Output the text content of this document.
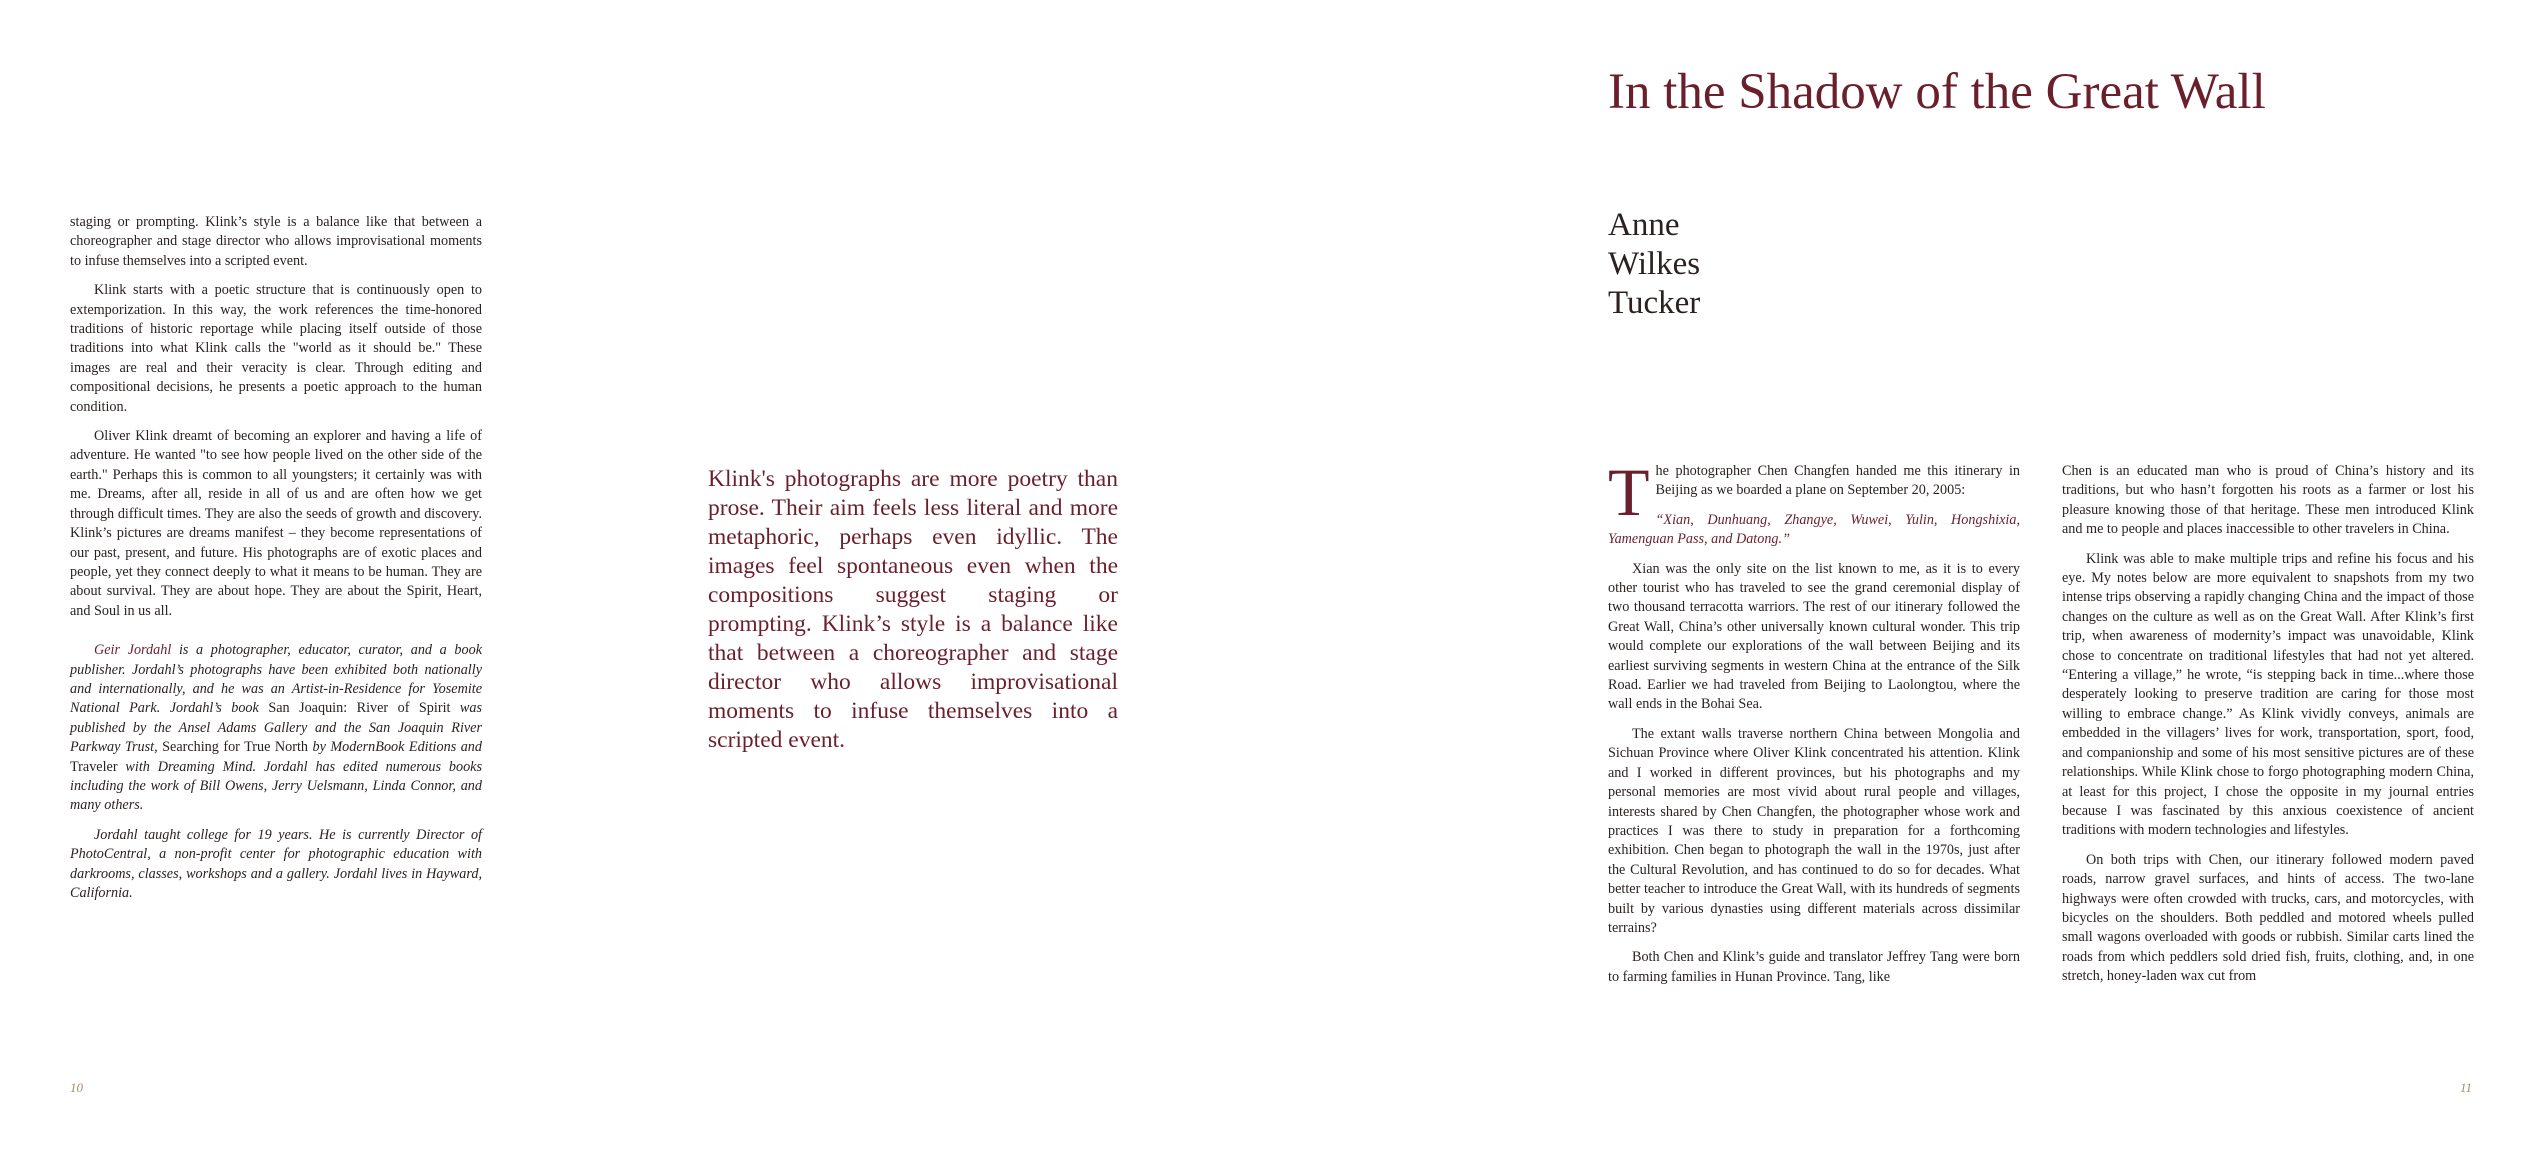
staging or prompting. Klink’s style is a balance like that between a choreographer and stage director who allows improvisational moments to infuse themselves into a scripted event.

Klink starts with a poetic structure that is continuously open to extemporization. In this way, the work references the time-honored traditions of historic reportage while placing itself outside of those traditions into what Klink calls the "world as it should be." These images are real and their veracity is clear. Through editing and compositional decisions, he presents a poetic approach to the human condition.

Oliver Klink dreamt of becoming an explorer and having a life of adventure. He wanted "to see how people lived on the other side of the earth." Perhaps this is common to all youngsters; it certainly was with me. Dreams, after all, reside in all of us and are often how we get through difficult times. They are also the seeds of growth and discovery. Klink’s pictures are dreams manifest – they become representations of our past, present, and future. His photographs are of exotic places and people, yet they connect deeply to what it means to be human. They are about survival. They are about hope. They are about the Spirit, Heart, and Soul in us all.

Geir Jordahl is a photographer, educator, curator, and a book publisher. Jordahl’s photographs have been exhibited both nationally and internationally, and he was an Artist-in-Residence for Yosemite National Park. Jordahl’s book San Joaquin: River of Spirit was published by the Ansel Adams Gallery and the San Joaquin River Parkway Trust, Searching for True North by ModernBook Editions and Traveler with Dreaming Mind. Jordahl has edited numerous books including the work of Bill Owens, Jerry Uelsmann, Linda Connor, and many others.

Jordahl taught college for 19 years. He is currently Director of PhotoCentral, a non-profit center for photographic education with darkrooms, classes, workshops and a gallery. Jordahl lives in Hayward, California.

Klink's photographs are more poetry than prose. Their aim feels less literal and more metaphoric, perhaps even idyllic. The images feel spontaneous even when the compositions suggest staging or prompting. Klink’s style is a balance like that between a choreographer and stage director who allows improvisational moments to infuse themselves into a scripted event.
10
In the Shadow of the Great Wall
Anne
Wilkes
Tucker

The photographer Chen Changfen handed me this itinerary in Beijing as we boarded a plane on September 20, 2005:

“Xian, Dunhuang, Zhangye, Wuwei, Yulin, Hongshixia, Yamenguan Pass, and Datong.”

Xian was the only site on the list known to me, as it is to every other tourist who has traveled to see the grand ceremonial display of two thousand terracotta warriors. The rest of our itinerary followed the Great Wall, China’s other universally known cultural wonder. This trip would complete our explorations of the wall between Beijing and its earliest surviving segments in western China at the entrance of the Silk Road. Earlier we had traveled from Beijing to Laolongtou, where the wall ends in the Bohai Sea.

The extant walls traverse northern China between Mongolia and Sichuan Province where Oliver Klink concentrated his attention. Klink and I worked in different provinces, but his photographs and my personal memories are most vivid about rural people and villages, interests shared by Chen Changfen, the photographer whose work and practices I was there to study in preparation for a forthcoming exhibition. Chen began to photograph the wall in the 1970s, just after the Cultural Revolution, and has continued to do so for decades. What better teacher to introduce the Great Wall, with its hundreds of segments built by various dynasties using different materials across dissimilar terrains?

Both Chen and Klink’s guide and translator Jeffrey Tang were born to farming families in Hunan Province. Tang, like

Chen is an educated man who is proud of China’s history and its traditions, but who hasn’t forgotten his roots as a farmer or lost his pleasure knowing those of that heritage. These men introduced Klink and me to people and places inaccessible to other travelers in China.

Klink was able to make multiple trips and refine his focus and his eye. My notes below are more equivalent to snapshots from my two intense trips observing a rapidly changing China and the impact of those changes on the culture as well as on the Great Wall. After Klink’s first trip, when awareness of modernity’s impact was unavoidable, Klink chose to concentrate on traditional lifestyles that had not yet altered. “Entering a village,” he wrote, “is stepping back in time...where those desperately looking to preserve tradition are caring for those most willing to embrace change.” As Klink vividly conveys, animals are embedded in the villagers’ lives for work, transportation, sport, food, and companionship and some of his most sensitive pictures are of these relationships. While Klink chose to forgo photographing modern China, at least for this project, I chose the opposite in my journal entries because I was fascinated by this anxious coexistence of ancient traditions with modern technologies and lifestyles.

On both trips with Chen, our itinerary followed modern paved roads, narrow gravel surfaces, and hints of access. The two-lane highways were often crowded with trucks, cars, and motorcycles, with bicycles on the shoulders. Both peddled and motored wheels pulled small wagons overloaded with goods or rubbish. Similar carts lined the roads from which peddlers sold dried fish, fruits, clothing, and, in one stretch, honey-laden wax cut from

11
